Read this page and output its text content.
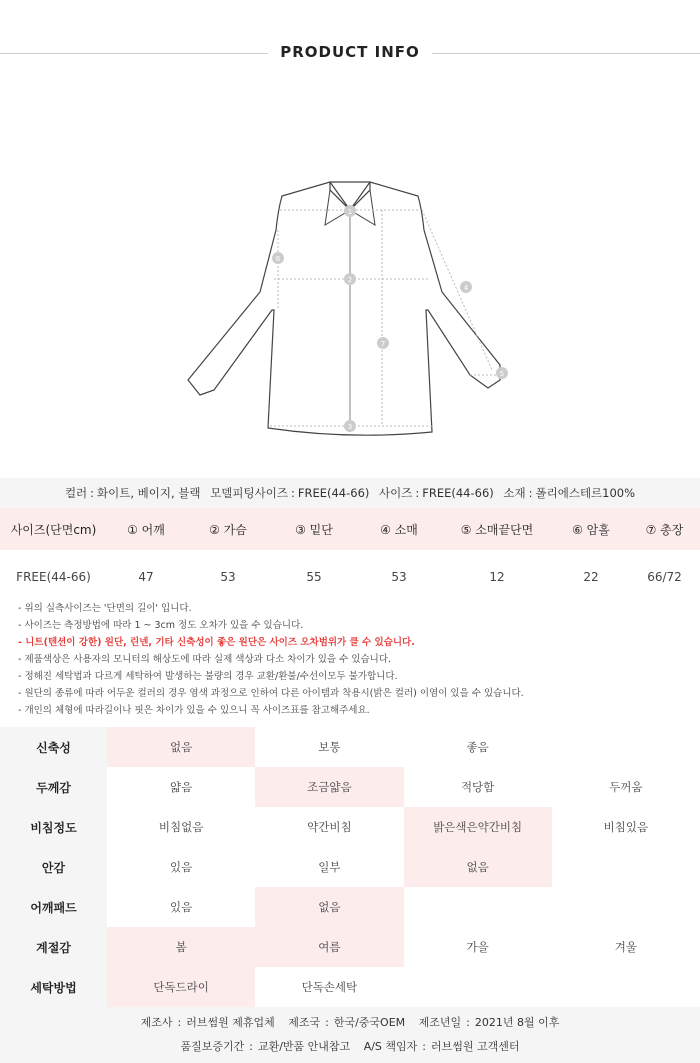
PRODUCT INFO
1
2
3
4
5
6
7
컬러 : 화이트, 베이지, 블랙 모델피팅사이즈 : FREE(44-66) 사이즈 : FREE(44-66) 소재 : 폴리에스테르100%
사이즈(단면cm)	① 어깨	② 가슴	③ 밑단	④ 소매	⑤ 소매끝단면	⑥ 암홀	⑦ 총장
FREE(44-66)	47	53	55	53	12	22	66/72
- 위의 실측사이즈는 '단면의 길이' 입니다.
- 사이즈는 측정방법에 따라 1 ~ 3cm 정도 오차가 있을 수 있습니다.
- 니트(텐션이 강한) 원단, 린넨, 기타 신축성이 좋은 원단은 사이즈 오차범위가 클 수 있습니다.
- 제품색상은 사용자의 모니터의 해상도에 따라 실제 색상과 다소 차이가 있을 수 있습니다.
- 정해진 세탁법과 다르게 세탁하여 발생하는 불량의 경우 교환/환불/수선이모두 불가합니다.
- 원단의 종류에 따라 어두운 컬러의 경우 염색 과정으로 인하여 다른 아이템과 착용시(밝은 컬러) 이염이 있을 수 있습니다.
- 개인의 체형에 따라길이나 핏은 차이가 있을 수 있으니 꼭 사이즈표를 참고해주세요.
신축성	없음	보통	좋음	
두께감	얇음	조금얇음	적당함	두꺼움
비침정도	비침없음	약간비침	밝은색은약간비침	비침있음
안감	있음	일부	없음	
어깨패드	있음	없음		
계절감	봄	여름	가을	겨울
세탁방법	단독드라이	단독손세탁		
제조사 : 러브썸원 제휴업체 제조국 : 한국/중국OEM 제조년일 : 2021년 8월 이후
품질보증기간 : 교환/반품 안내참고 A/S 책임자 : 러브썸원 고객센터
